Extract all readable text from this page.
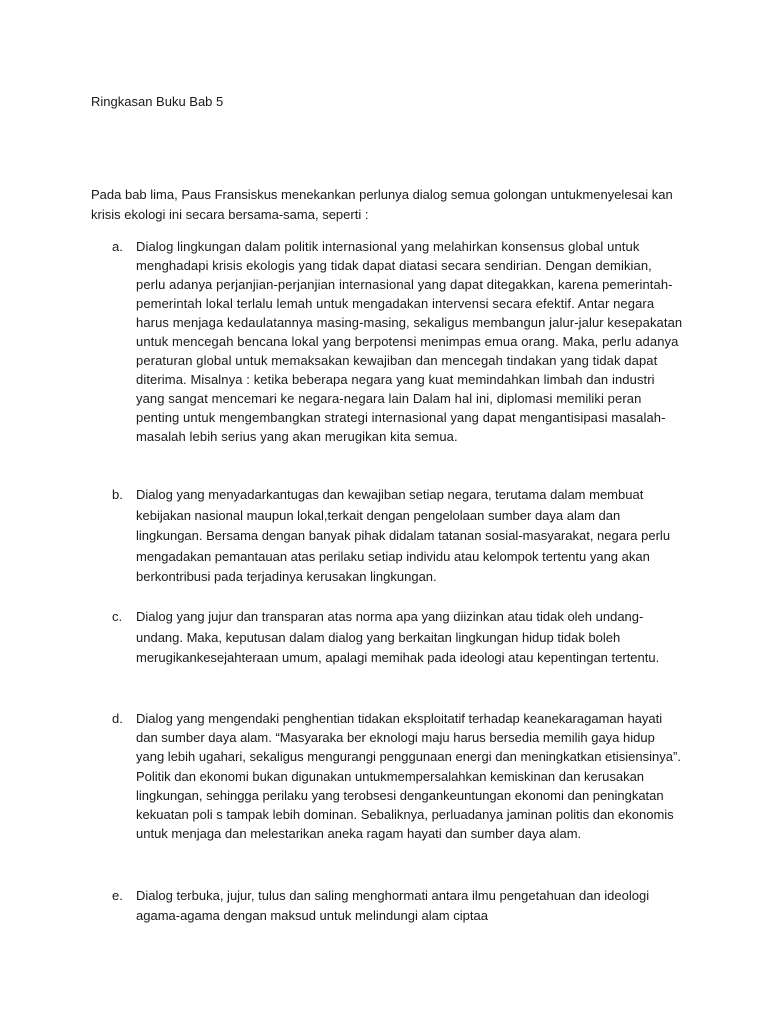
Ringkasan Buku Bab 5

Pada bab lima, Paus Fransiskus menekankan perlunya dialog semua golongan untukmenyelesai kan krisis ekologi ini secara bersama-sama, seperti :

a. Dialog lingkungan dalam politik internasional yang melahirkan konsensus global untuk menghadapi krisis ekologis yang tidak dapat diatasi secara sendirian. Dengan demikian, perlu adanya perjanjian-perjanjian internasional yang dapat ditegakkan, karena pemerintah-pemerintah lokal terlalu lemah untuk mengadakan intervensi secara efektif. Antar negara harus menjaga kedaulatannya masing-masing, sekaligus membangun jalur-jalur kesepakatan untuk mencegah bencana lokal yang berpotensi menimpas emua orang. Maka, perlu adanya peraturan global untuk memaksakan kewajiban dan mencegah tindakan yang tidak dapat diterima. Misalnya : ketika beberapa negara yang kuat memindahkan limbah dan industri yang sangat mencemari ke negara-negara lain Dalam hal ini, diplomasi memiliki peran penting untuk mengembangkan strategi internasional yang dapat mengantisipasi masalah-masalah lebih serius yang akan merugikan kita semua.

b. Dialog yang menyadarkantugas dan kewajiban setiap negara, terutama dalam membuat kebijakan nasional maupun lokal,terkait dengan pengelolaan sumber daya alam dan lingkungan. Bersama dengan banyak pihak didalam tatanan sosial-masyarakat, negara perlu mengadakan pemantauan atas perilaku setiap individu atau kelompok tertentu yang akan berkontribusi pada terjadinya kerusakan lingkungan.

c. Dialog yang jujur dan transparan atas norma apa yang diizinkan atau tidak oleh undang-undang. Maka, keputusan dalam dialog yang berkaitan lingkungan hidup tidak boleh merugikankesejahteraan umum, apalagi memihak pada ideologi atau kepentingan tertentu.

d. Dialog yang mengendaki penghentian tidakan eksploitatif terhadap keanekaragaman hayati dan sumber daya alam. “Masyaraka ber eknologi maju harus bersedia memilih gaya hidup yang lebih ugahari, sekaligus mengurangi penggunaan energi dan meningkatkan etisiensinya”.

Politik dan ekonomi bukan digunakan untukmempersalahkan kemiskinan dan kerusakan lingkungan, sehingga perilaku yang terobsesi dengankeuntungan ekonomi dan peningkatan kekuatan poli s tampak lebih dominan. Sebaliknya, perluadanya jaminan politis dan ekonomis untuk menjaga dan melestarikan aneka ragam hayati dan sumber daya alam.

e. Dialog terbuka, jujur, tulus dan saling menghormati antara ilmu pengetahuan dan ideologi agama-agama dengan maksud untuk melindungi alam ciptaa
